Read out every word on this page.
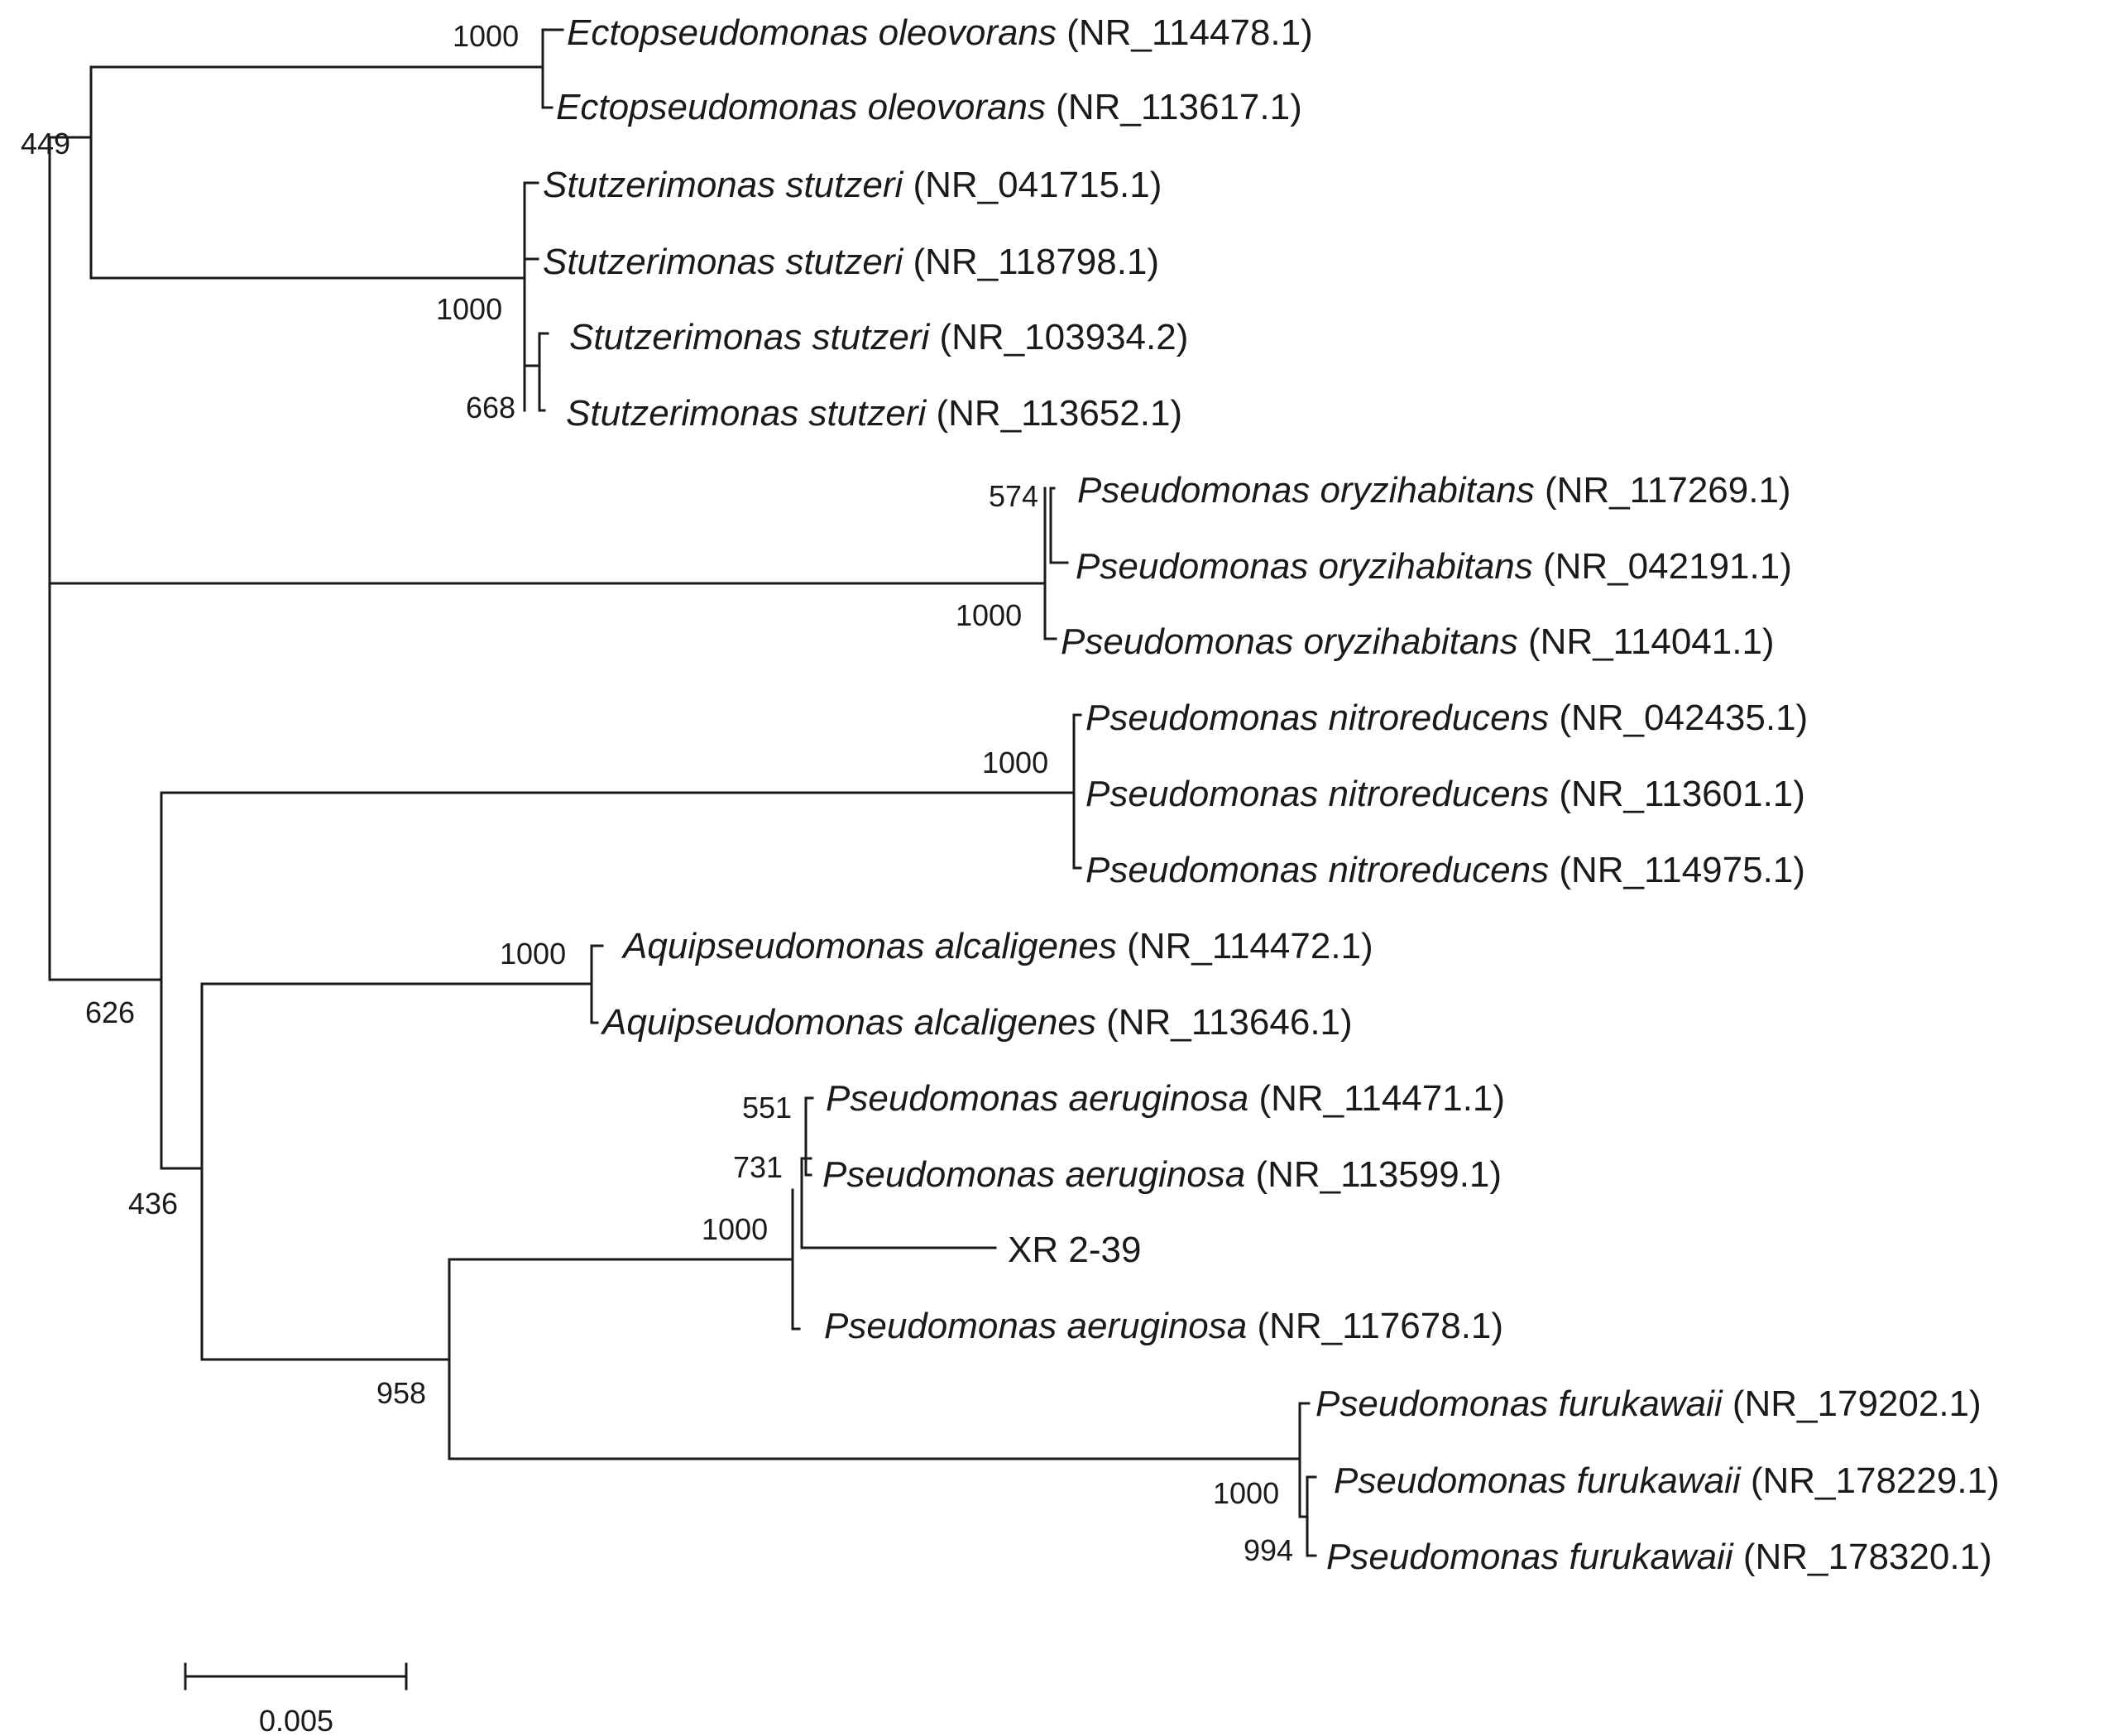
Ectopseudomonas oleovorans (NR_114478.1)
Ectopseudomonas oleovorans (NR_113617.1)
Stutzerimonas stutzeri (NR_041715.1)
Stutzerimonas stutzeri (NR_118798.1)
Stutzerimonas stutzeri (NR_103934.2)
Stutzerimonas stutzeri (NR_113652.1)
Pseudomonas oryzihabitans (NR_117269.1)
Pseudomonas oryzihabitans (NR_042191.1)
Pseudomonas oryzihabitans (NR_114041.1)
Pseudomonas nitroreducens (NR_042435.1)
Pseudomonas nitroreducens (NR_113601.1)
Pseudomonas nitroreducens (NR_114975.1)
Aquipseudomonas alcaligenes (NR_114472.1)
Aquipseudomonas alcaligenes (NR_113646.1)
Pseudomonas aeruginosa (NR_114471.1)
Pseudomonas aeruginosa (NR_113599.1)
XR 2-39
Pseudomonas aeruginosa (NR_117678.1)
Pseudomonas furukawaii (NR_179202.1)
Pseudomonas furukawaii (NR_178229.1)
Pseudomonas furukawaii (NR_178320.1)
1000
449
1000
668
574
1000
1000
626
1000
436
551
731
1000
958
1000
994
0.005
